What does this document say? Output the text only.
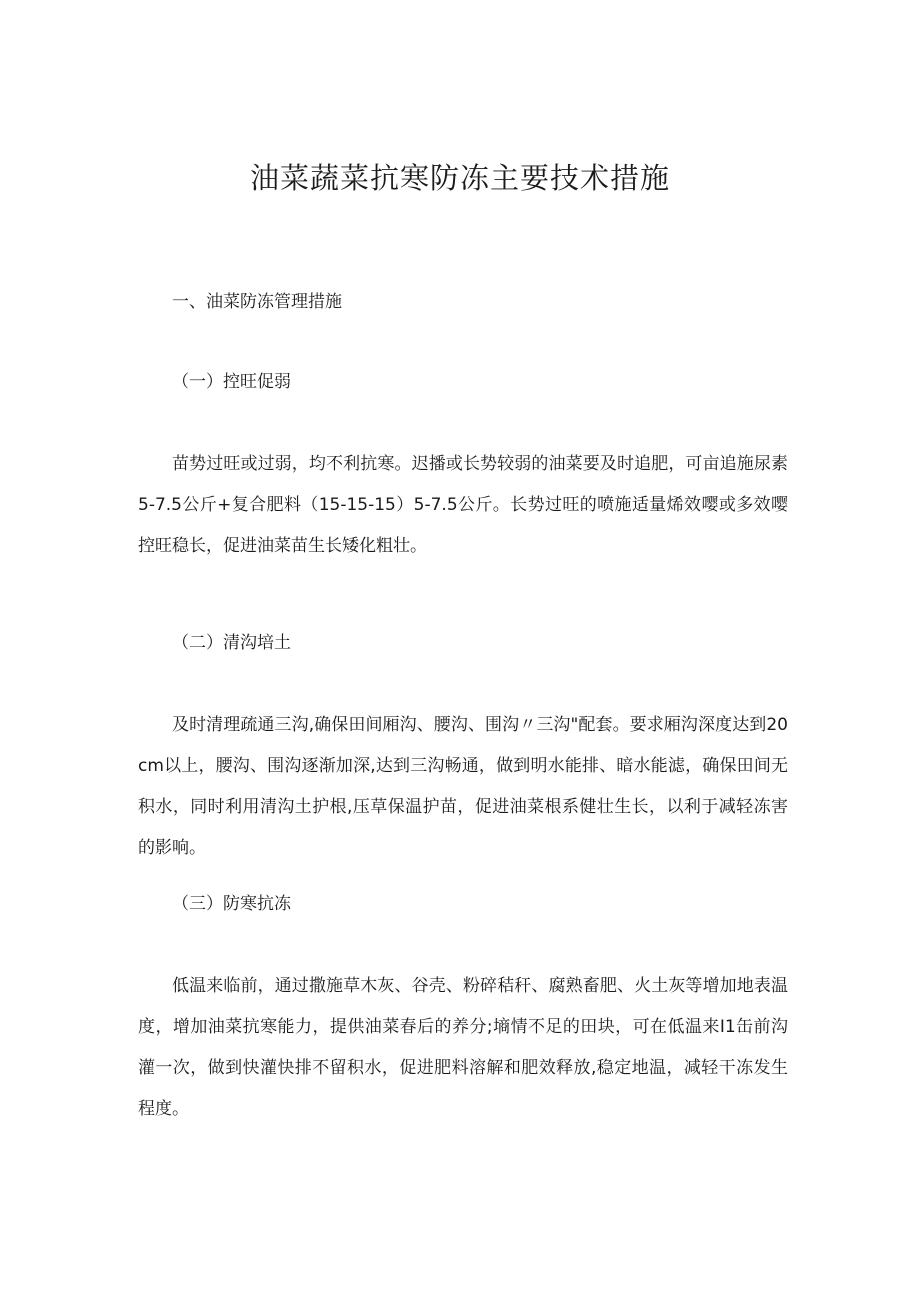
油菜蔬菜抗寒防冻主要技术措施
一、油菜防冻管理措施
（一）控旺促弱

苗势过旺或过弱，均不利抗寒。迟播或长势较弱的油菜要及时追肥，可亩追施尿素5-7.5公斤+复合肥料（15-15-15）5-7.5公斤。长势过旺的喷施适量烯效嘤或多效嘤控旺稳长，促进油菜苗生长矮化粗壮。

（二）清沟培土

及时清理疏通三沟,确保田间厢沟、腰沟、围沟〃三沟"配套。要求厢沟深度达到20cm以上，腰沟、围沟逐渐加深,达到三沟畅通，做到明水能排、暗水能滤，确保田间无积水，同时利用清沟土护根,压草保温护苗，促进油菜根系健壮生长，以利于减轻冻害的影响。

（三）防寒抗冻

低温来临前，通过撒施草木灰、谷壳、粉碎秸秆、腐熟畜肥、火土灰等增加地表温度，增加油菜抗寒能力，提供油菜春后的养分;墒情不足的田块，可在低温来I1缶前沟灌一次，做到快灌快排不留积水，促进肥料溶解和肥效释放,稳定地温，减轻干冻发生程度。
